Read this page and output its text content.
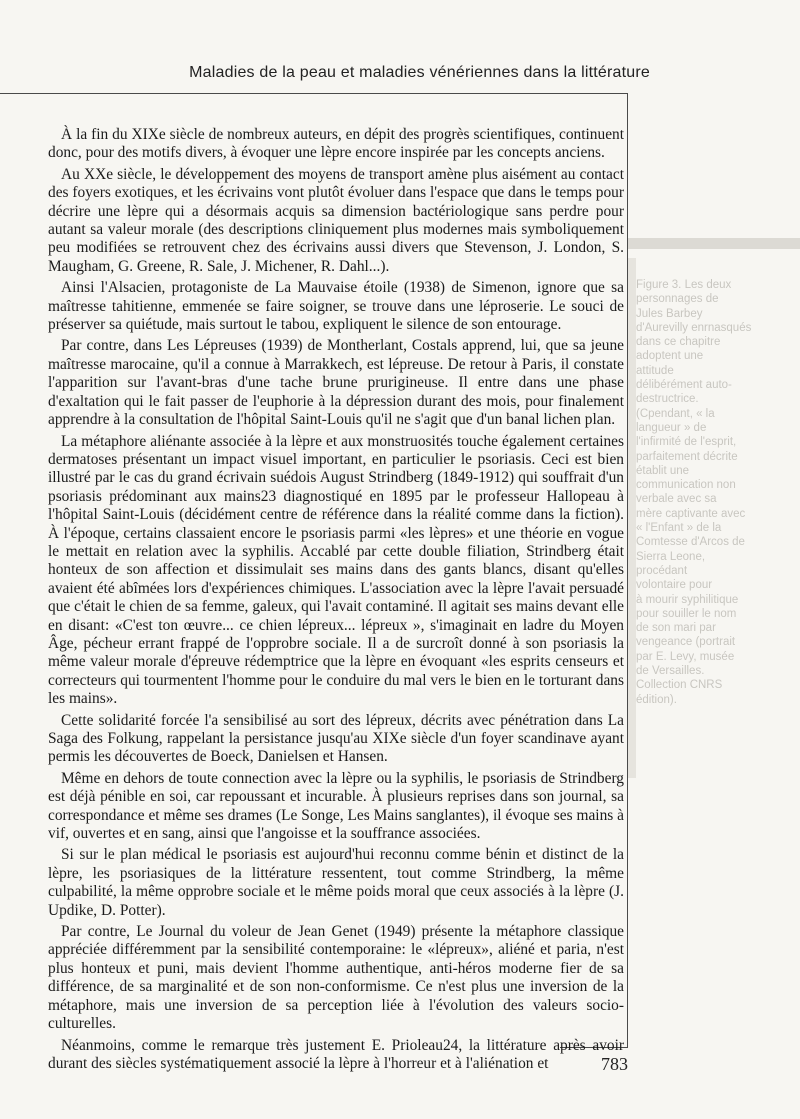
Maladies de la peau et maladies vénériennes dans la littérature
783
Figure 3. Les deux
personnages de
Jules Barbey
d'Aurevilly enrnasqués
dans ce chapitre
adoptent une
attitude
délibérément auto-
destructrice.
(Cpendant, « la
langueur » de
l'infirmité de l'esprit,
parfaitement décrite
établit une
communication non
verbale avec sa
mère captivante avec
« l'Enfant » de la
Comtesse d'Arcos de
Sierra Leone,
procédant
volontaire pour
à mourir syphilitique
pour souiller le nom
de son mari par
vengeance (portrait
par E. Levy, musée
de Versailles.
Collection CNRS
édition).

À la fin du XIXe siècle de nombreux auteurs, en dépit des progrès scientifiques, continuent donc, pour des motifs divers, à évoquer une lèpre encore inspirée par les concepts anciens.

Au XXe siècle, le développement des moyens de transport amène plus aisément au contact des foyers exotiques, et les écrivains vont plutôt évoluer dans l'espace que dans le temps pour décrire une lèpre qui a désormais acquis sa dimension bactériologique sans perdre pour autant sa valeur morale (des descriptions cliniquement plus modernes mais symboliquement peu modifiées se retrouvent chez des écrivains aussi divers que Stevenson, J. London, S. Maugham, G. Greene, R. Sale, J. Michener, R. Dahl...).

Ainsi l'Alsacien, protagoniste de La Mauvaise étoile (1938) de Simenon, ignore que sa maîtresse tahitienne, emmenée se faire soigner, se trouve dans une léproserie. Le souci de préserver sa quiétude, mais surtout le tabou, expliquent le silence de son entourage.

Par contre, dans Les Lépreuses (1939) de Montherlant, Costals apprend, lui, que sa jeune maîtresse marocaine, qu'il a connue à Marrakkech, est lépreuse. De retour à Paris, il constate l'apparition sur l'avant-bras d'une tache brune prurigineuse. Il entre dans une phase d'exaltation qui le fait passer de l'euphorie à la dépression durant des mois, pour finalement apprendre à la consultation de l'hôpital Saint-Louis qu'il ne s'agit que d'un banal lichen plan.

La métaphore aliénante associée à la lèpre et aux monstruosités touche également certaines dermatoses présentant un impact visuel important, en particulier le psoriasis. Ceci est bien illustré par le cas du grand écrivain suédois August Strindberg (1849-1912) qui souffrait d'un psoriasis prédominant aux mains23 diagnostiqué en 1895 par le professeur Hallopeau à l'hôpital Saint-Louis (décidément centre de référence dans la réalité comme dans la fiction). À l'époque, certains classaient encore le psoriasis parmi «les lèpres» et une théorie en vogue le mettait en relation avec la syphilis. Accablé par cette double filiation, Strindberg était honteux de son affection et dissimulait ses mains dans des gants blancs, disant qu'elles avaient été abîmées lors d'expériences chimiques. L'association avec la lèpre l'avait persuadé que c'était le chien de sa femme, galeux, qui l'avait contaminé. Il agitait ses mains devant elle en disant: «C'est ton œuvre... ce chien lépreux... lépreux », s'imaginait en ladre du Moyen Âge, pécheur errant frappé de l'opprobre sociale. Il a de surcroît donné à son psoriasis la même valeur morale d'épreuve rédemptrice que la lèpre en évoquant «les esprits censeurs et correcteurs qui tourmentent l'homme pour le conduire du mal vers le bien en le torturant dans les mains».

Cette solidarité forcée l'a sensibilisé au sort des lépreux, décrits avec pénétration dans La Saga des Folkung, rappelant la persistance jusqu'au XIXe siècle d'un foyer scandinave ayant permis les découvertes de Boeck, Danielsen et Hansen.

Même en dehors de toute connection avec la lèpre ou la syphilis, le psoriasis de Strindberg est déjà pénible en soi, car repoussant et incurable. À plusieurs reprises dans son journal, sa correspondance et même ses drames (Le Songe, Les Mains sanglantes), il évoque ses mains à vif, ouvertes et en sang, ainsi que l'angoisse et la souffrance associées.

Si sur le plan médical le psoriasis est aujourd'hui reconnu comme bénin et distinct de la lèpre, les psoriasiques de la littérature ressentent, tout comme Strindberg, la même culpabilité, la même opprobre sociale et le même poids moral que ceux associés à la lèpre (J. Updike, D. Potter).

Par contre, Le Journal du voleur de Jean Genet (1949) présente la métaphore classique appréciée différemment par la sensibilité contemporaine: le «lépreux», aliéné et paria, n'est plus honteux et puni, mais devient l'homme authentique, anti-héros moderne fier de sa différence, de sa marginalité et de son non-conformisme. Ce n'est plus une inversion de la métaphore, mais une inversion de sa perception liée à l'évolution des valeurs socio-culturelles.

Néanmoins, comme le remarque très justement E. Prioleau24, la littérature après avoir durant des siècles systématiquement associé la lèpre à l'horreur et à l'aliénation et
